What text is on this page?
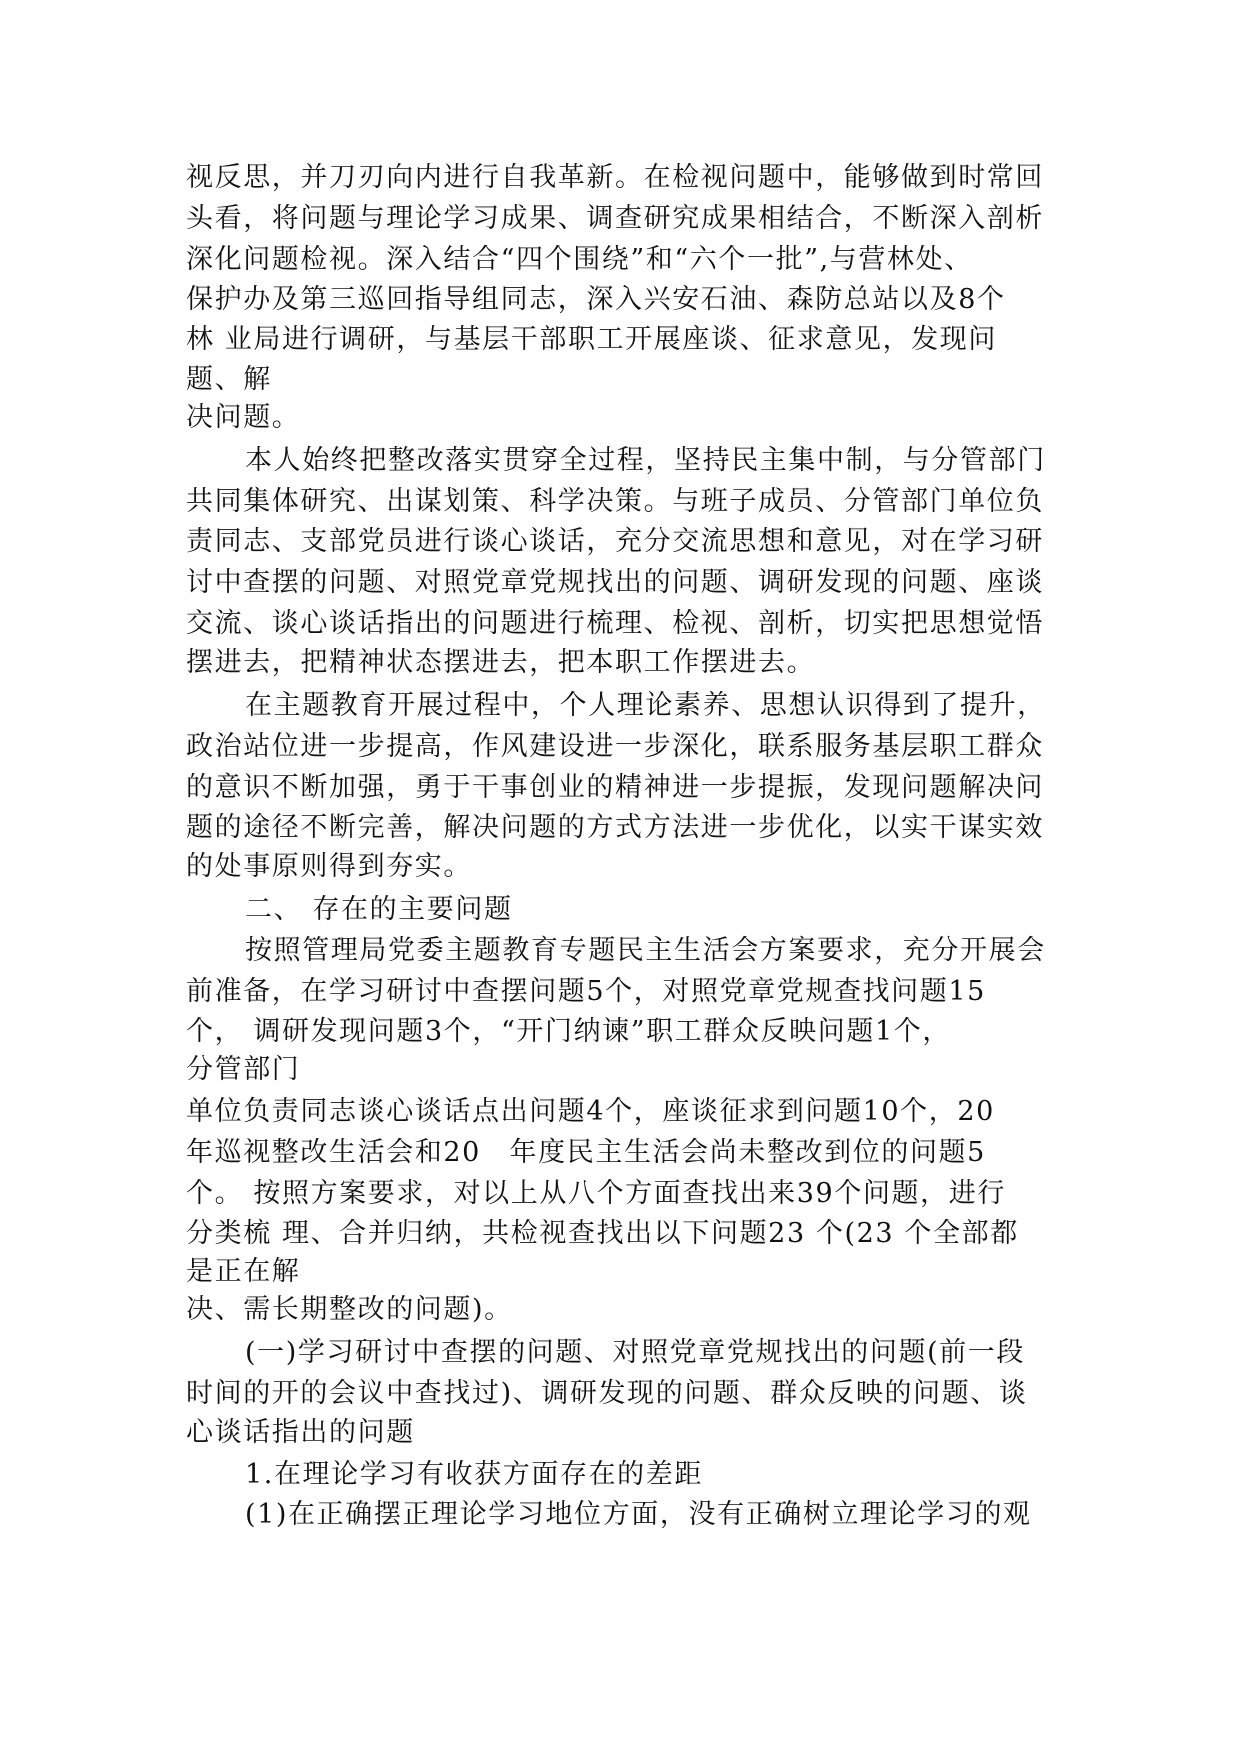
视反思，并刀刃向内进行自我革新。在检视问题中，能够做到时常回

头看，将问题与理论学习成果、调查研究成果相结合，不断深入剖析

深化问题检视。深入结合“四个围绕”和“六个一批”,与营林处、

保护办及第三巡回指导组同志，深入兴安石油、森防总站以及8个

林 业局进行调研，与基层干部职工开展座谈、征求意见，发现问

题、解

决问题。

本人始终把整改落实贯穿全过程，坚持民主集中制，与分管部门

共同集体研究、出谋划策、科学决策。与班子成员、分管部门单位负

责同志、支部党员进行谈心谈话，充分交流思想和意见，对在学习研

讨中查摆的问题、对照党章党规找出的问题、调研发现的问题、座谈

交流、谈心谈话指出的问题进行梳理、检视、剖析，切实把思想觉悟

摆进去，把精神状态摆进去，把本职工作摆进去。

在主题教育开展过程中，个人理论素养、思想认识得到了提升，

政治站位进一步提高，作风建设进一步深化，联系服务基层职工群众

的意识不断加强，勇于干事创业的精神进一步提振，发现问题解决问

题的途径不断完善，解决问题的方式方法进一步优化，以实干谋实效

的处事原则得到夯实。

二、 存在的主要问题

按照管理局党委主题教育专题民主生活会方案要求，充分开展会

前准备，在学习研讨中查摆问题5个，对照党章党规查找问题15

个， 调研发现问题3个，“开门纳谏”职工群众反映问题1个，

分管部门

单位负责同志谈心谈话点出问题4个，座谈征求到问题10个，20

年巡视整改生活会和20　年度民主生活会尚未整改到位的问题5

个。 按照方案要求，对以上从八个方面查找出来39个问题，进行

分类梳 理、合并归纳，共检视查找出以下问题23 个(23 个全部都

是正在解

决、需长期整改的问题)。

(一)学习研讨中查摆的问题、对照党章党规找出的问题(前一段

时间的开的会议中查找过)、调研发现的问题、群众反映的问题、谈

心谈话指出的问题

1.在理论学习有收获方面存在的差距

(1)在正确摆正理论学习地位方面，没有正确树立理论学习的观
